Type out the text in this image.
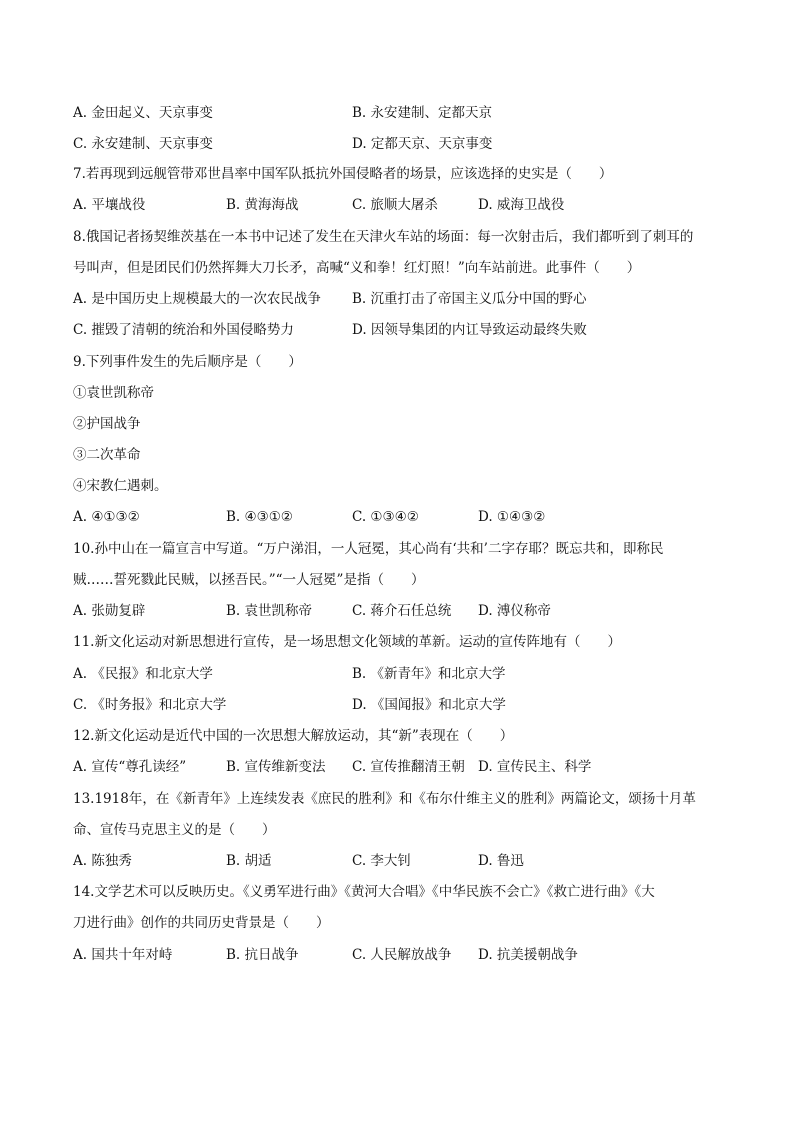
A. 金田起义、天京事变	B. 永安建制、定都天京
C. 永安建制、天京事变	D. 定都天京、天京事变
7.若再现到远舰管带邓世昌率中国军队抵抗外国侵略者的场景，应该选择的史实是（　　）
A. 平壤战役	B. 黄海海战	C. 旅顺大屠杀	D. 威海卫战役
8.俄国记者扬契维茨基在一本书中记述了发生在天津火车站的场面：每一次射击后，我们都听到了刺耳的
号叫声，但是团民们仍然挥舞大刀长矛，高喊“义和拳！红灯照！”向车站前进。此事件（　　）
A. 是中国历史上规模最大的一次农民战争 B. 沉重打击了帝国主义瓜分中国的野心
C. 摧毁了清朝的统治和外国侵略势力	D. 因领导集团的内讧导致运动最终失败
9.下列事件发生的先后顺序是（　　）
①袁世凯称帝
②护国战争
③二次革命
④宋教仁遇刺。
A. ④①③②	B. ④③①②	C. ①③④②	D. ①④③②
10.孙中山在一篇宣言中写道。“万户涕泪，一人冠冕，其心尚有‘共和’二字存耶？既忘共和，即称民
贼……誓死戮此民贼，以拯吾民。”“一人冠冕”是指（　　）
A. 张勋复辟	B. 袁世凯称帝	C. 蒋介石任总统 D. 溥仪称帝
11.新文化运动对新思想进行宣传，是一场思想文化领域的革新。运动的宣传阵地有（　　）
A. 《民报》和北京大学	B. 《新青年》和北京大学
C. 《时务报》和北京大学	D. 《国闻报》和北京大学
12.新文化运动是近代中国的一次思想大解放运动，其“新”表现在（　　）
A. 宣传“尊孔读经”	B. 宣传维新变法 C. 宣传推翻清王朝 D. 宣传民主、科学
13.1918年，在《新青年》上连续发表《庶民的胜利》和《布尔什维主义的胜利》两篇论文，颂扬十月革
命、宣传马克思主义的是（　　）
A. 陈独秀	B. 胡适	C. 李大钊	D. 鲁迅
14.文学艺术可以反映历史。《义勇军进行曲》《黄河大合唱》《中华民族不会亡》《救亡进行曲》《大
刀进行曲》创作的共同历史背景是（　　）
A. 国共十年对峙	B. 抗日战争	C. 人民解放战争 D. 抗美援朝战争
